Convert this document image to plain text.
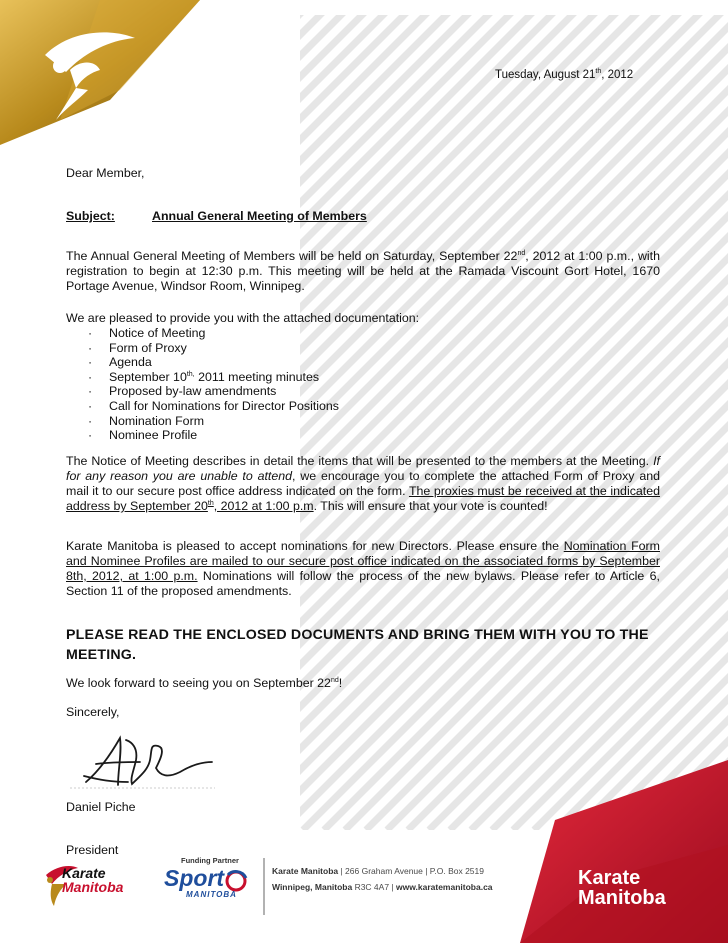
Tuesday, August 21th, 2012
Dear Member,
Subject:	Annual General Meeting of Members
The Annual General Meeting of Members will be held on Saturday, September 22nd, 2012 at 1:00 p.m., with registration to begin at 12:30 p.m. This meeting will be held at the Ramada Viscount Gort Hotel, 1670 Portage Avenue, Windsor Room, Winnipeg.
We are pleased to provide you with the attached documentation:
· Notice of Meeting
· Form of Proxy
· Agenda
· September $10^{th,}$ 2011 meeting minutes
· Proposed by-law amendments
· Call for Nominations for Director Positions
· Nomination Form
· Nominee Profile
The Notice of Meeting describes in detail the items that will be presented to the members at the Meeting. If for any reason you are unable to attend, we encourage you to complete the attached Form of Proxy and mail it to our secure post office address indicated on the form. The proxies must be received at the indicated address by September 20th, 2012 at 1:00 p.m. This will ensure that your vote is counted!
Karate Manitoba is pleased to accept nominations for new Directors. Please ensure the Nomination Form and Nominee Profiles are mailed to our secure post office indicated on the associated forms by September 8th, 2012, at 1:00 p.m. Nominations will follow the process of the new bylaws. Please refer to Article 6, Section 11 of the proposed amendments.
PLEASE READ THE ENCLOSED DOCUMENTS AND BRING THEM WITH YOU TO THE MEETING.
We look forward to seeing you on September 22nd!
Sincerely,
Daniel Piche
President
Karate
Manitoba
Funding Partner
Sport
MANITOBA
Karate Manitoba | 266 Graham Avenue | P.O. Box 2519
Winnipeg, Manitoba R3C 4A7 | www.karatemanitoba.ca	Karate
Manitoba
